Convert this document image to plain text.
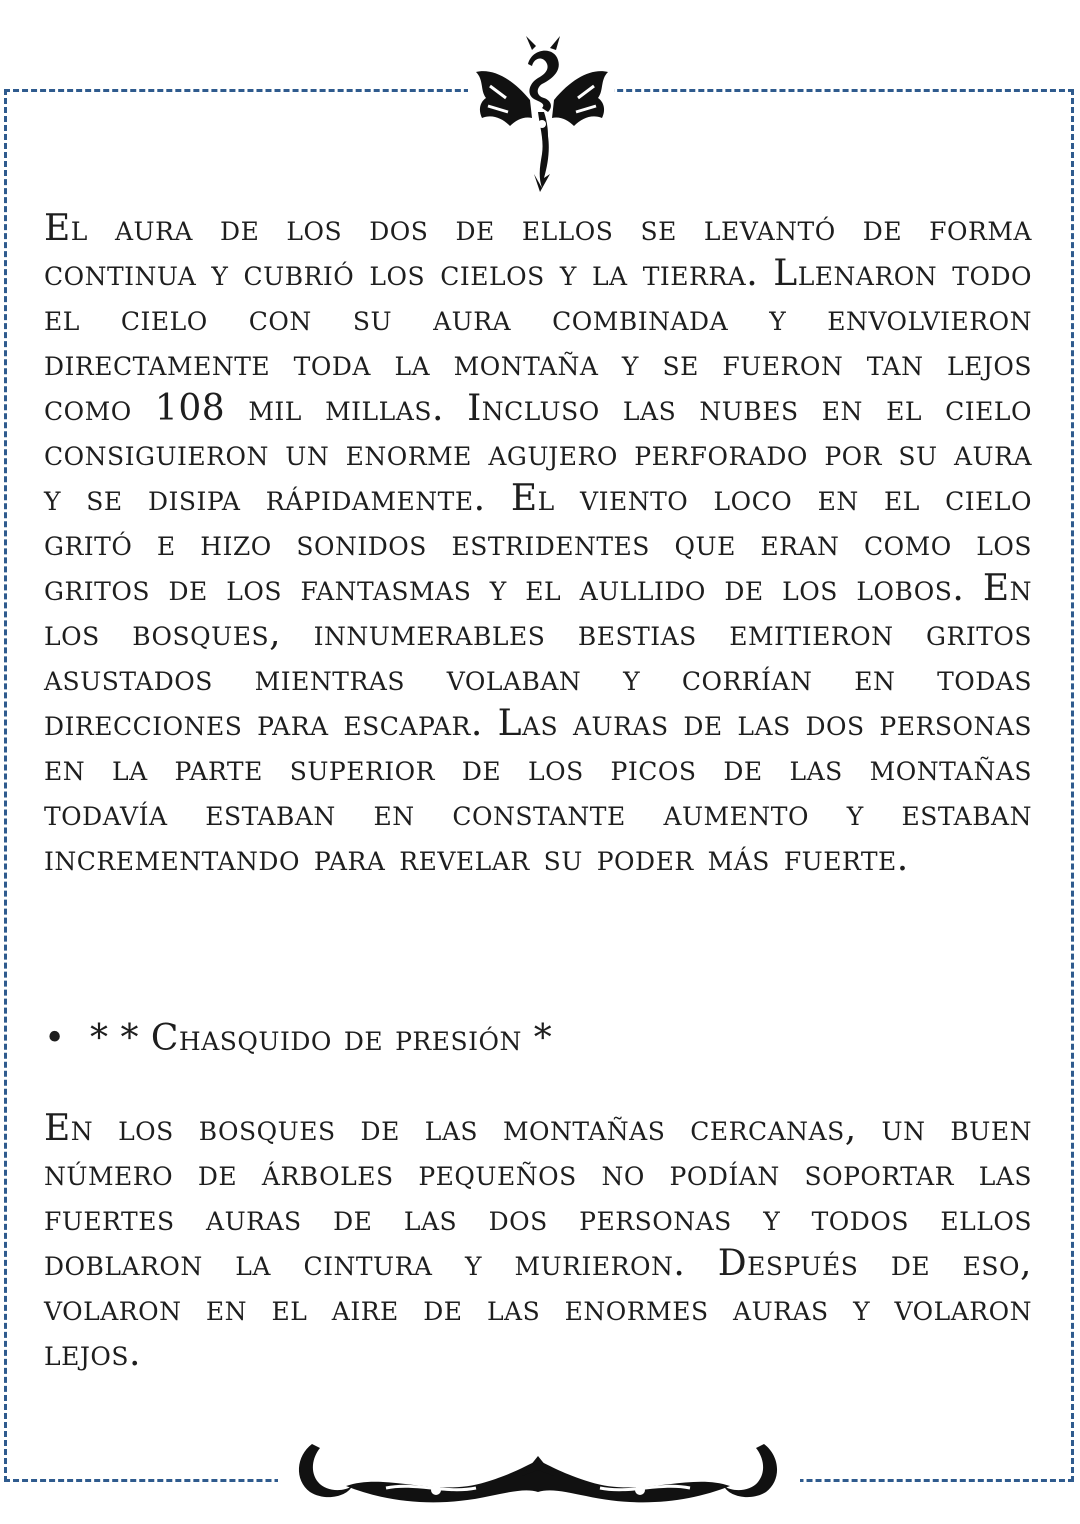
El aura de los dos de ellos se levantó de forma continua y cubrió los cielos y la tierra. Llenaron todo el cielo con su aura combinada y envolvieron directamente toda la montaña y se fueron tan lejos como 108 mil millas. Incluso las nubes en el cielo consiguieron un enorme agujero perforado por su aura y se disipa rápidamente. El viento loco en el cielo gritó e hizo sonidos estridentes que eran como los gritos de los fantasmas y el aullido de los lobos. En los bosques, innumerables bestias emitieron gritos asustados mientras volaban y corrían en todas direcciones para escapar. Las auras de las dos personas en la parte superior de los picos de las montañas todavía estaban en constante aumento y estaban incrementando para revelar su poder más fuerte.

• * * Chasquido de presión *

En los bosques de las montañas cercanas, un buen número de árboles pequeños no podían soportar las fuertes auras de las dos personas y todos ellos doblaron la cintura y murieron. Después de eso, volaron en el aire de las enormes auras y volaron lejos.
